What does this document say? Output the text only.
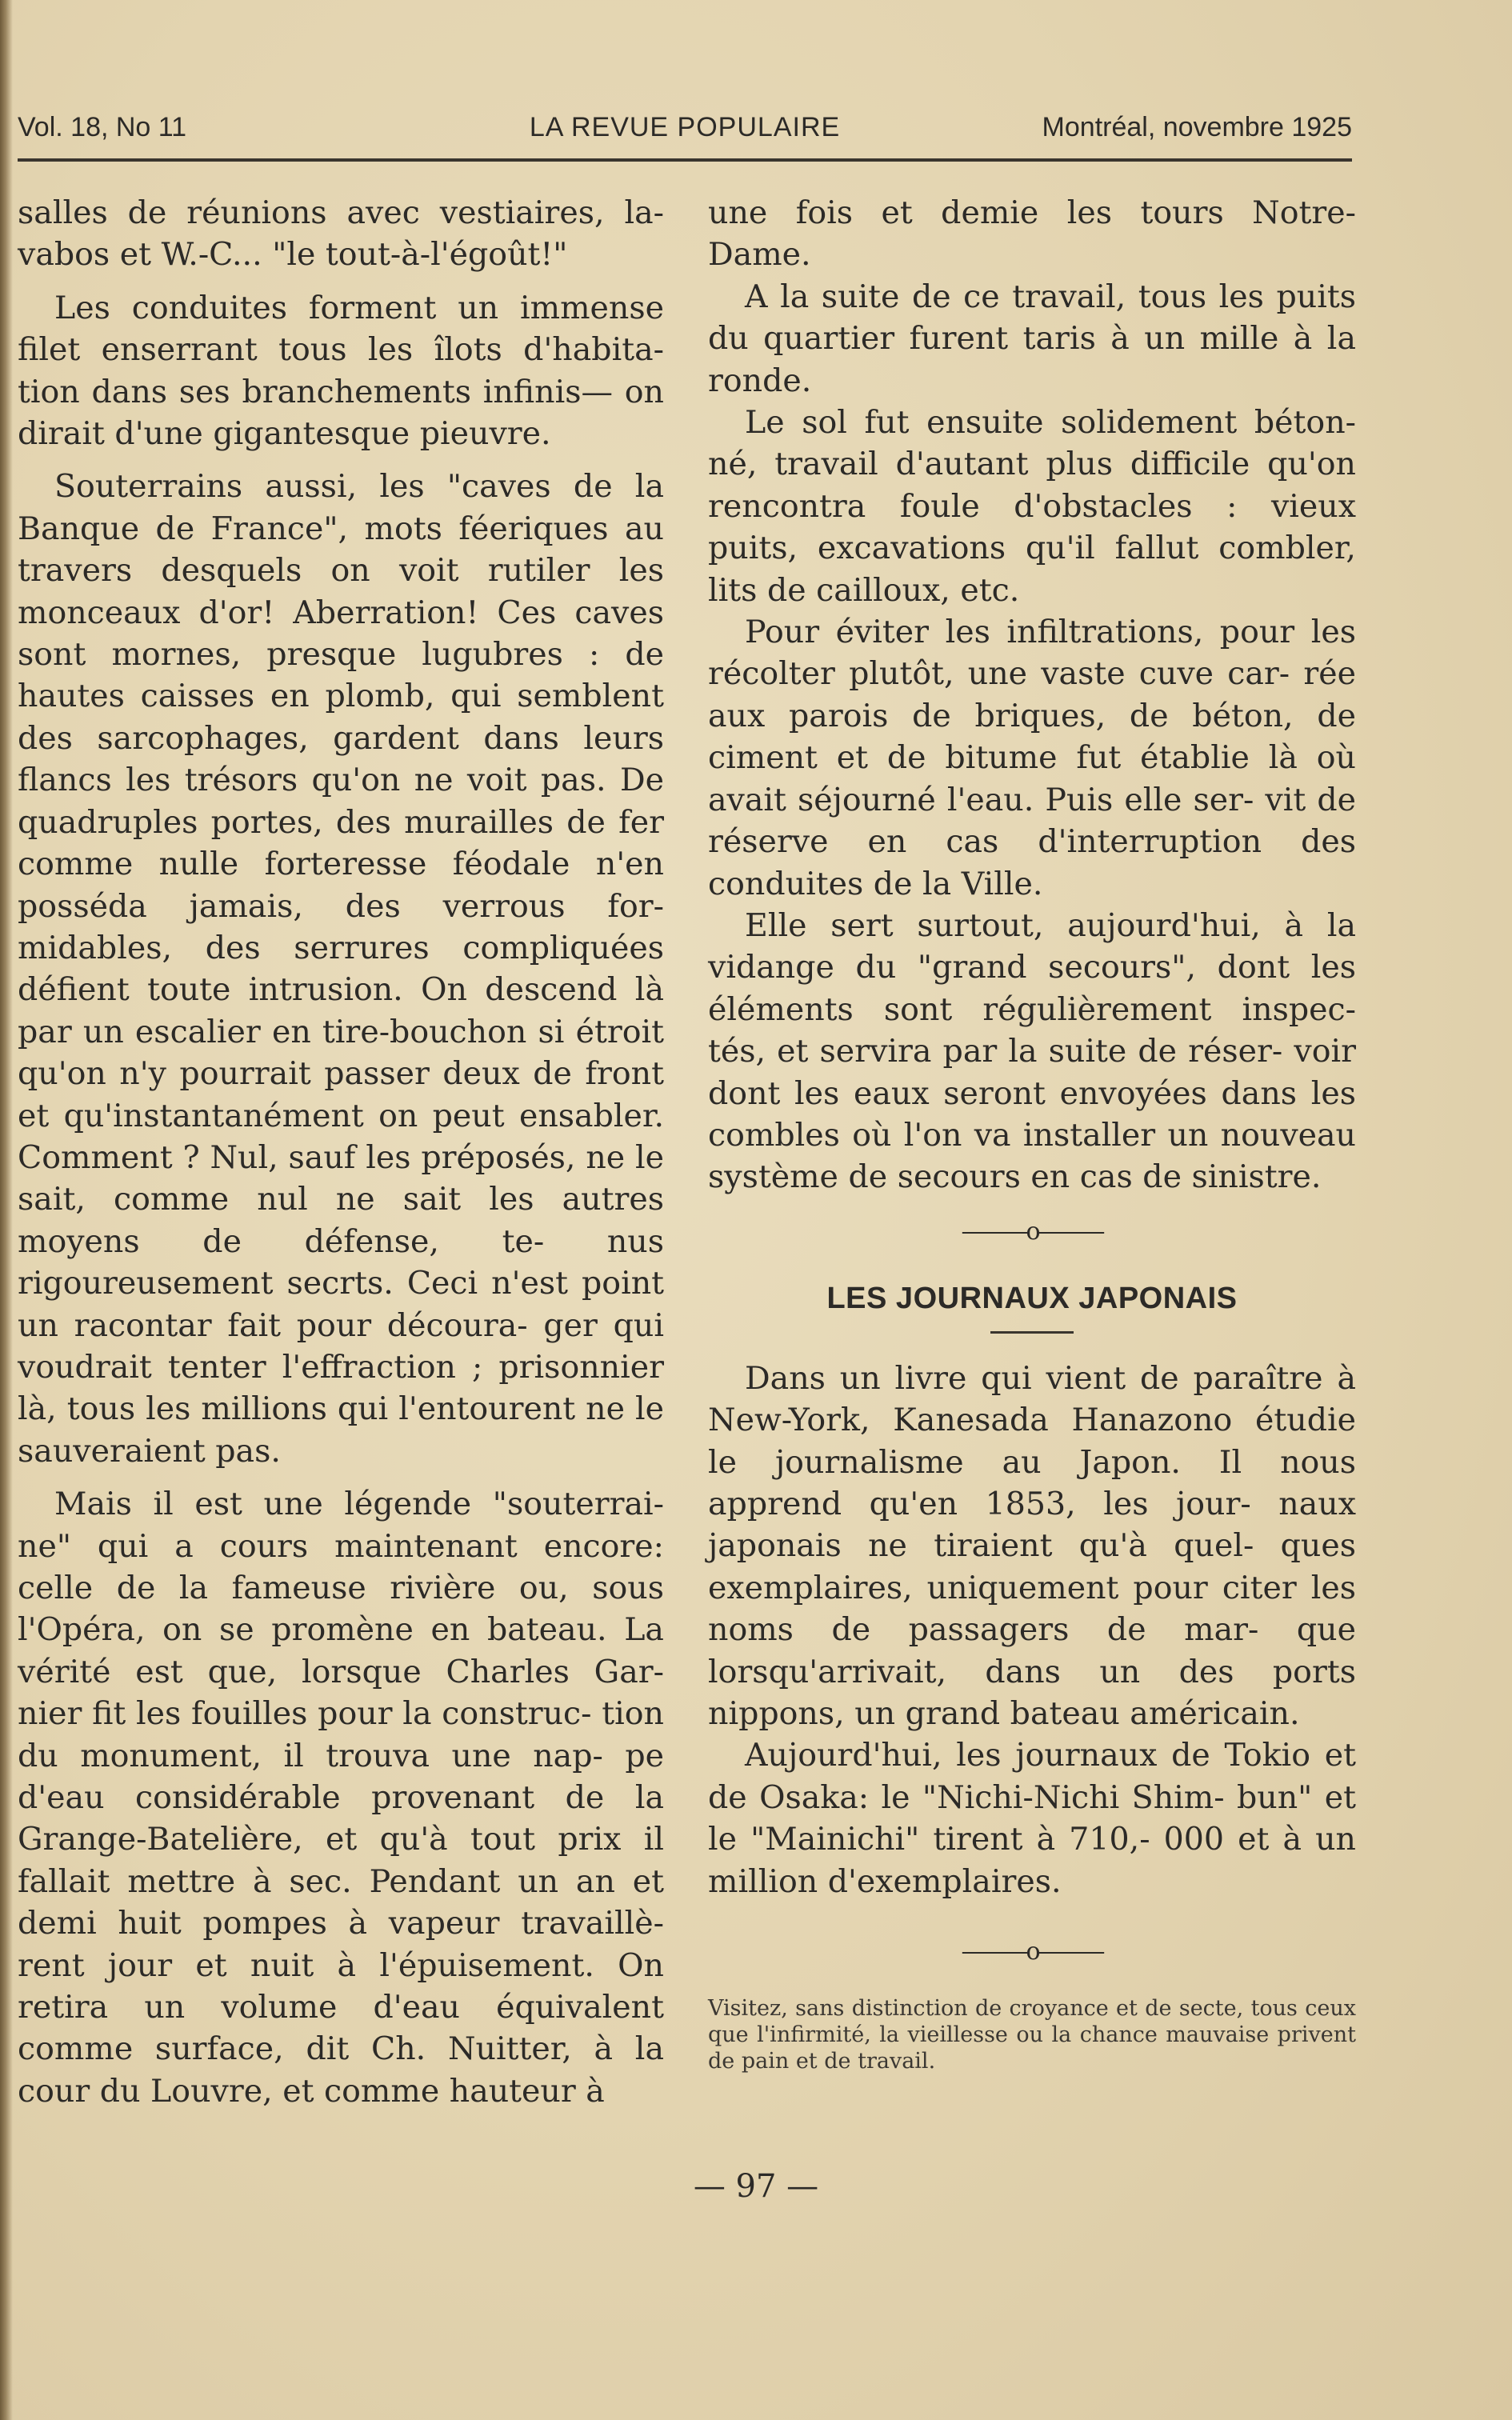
Vol. 18, No 11	LA REVUE POPULAIRE	Montréal, novembre 1925

salles de réunions avec vestiaires, la- vabos et W.-C... "le tout-à-l'égoût!"

Les conduites forment un immense filet enserrant tous les îlots d'habita- tion dans ses branchements infinis— on dirait d'une gigantesque pieuvre.

Souterrains aussi, les "caves de la Banque de France", mots féeriques au travers desquels on voit rutiler les monceaux d'or! Aberration! Ces caves sont mornes, presque lugubres : de hautes caisses en plomb, qui semblent des sarcophages, gardent dans leurs flancs les trésors qu'on ne voit pas. De quadruples portes, des murailles de fer comme nulle forteresse féodale n'en posséda jamais, des verrous for- midables, des serrures compliquées défient toute intrusion. On descend là par un escalier en tire-bouchon si étroit qu'on n'y pourrait passer deux de front et qu'instantanément on peut ensabler. Comment ? Nul, sauf les préposés, ne le sait, comme nul ne sait les autres moyens de défense, te- nus rigoureusement secrts. Ceci n'est point un racontar fait pour découra- ger qui voudrait tenter l'effraction ; prisonnier là, tous les millions qui l'entourent ne le sauveraient pas.

Mais il est une légende "souterrai- ne" qui a cours maintenant encore: celle de la fameuse rivière ou, sous l'Opéra, on se promène en bateau. La vérité est que, lorsque Charles Gar- nier fit les fouilles pour la construc- tion du monument, il trouva une nap- pe d'eau considérable provenant de la Grange-Batelière, et qu'à tout prix il fallait mettre à sec. Pendant un an et demi huit pompes à vapeur travaillè- rent jour et nuit à l'épuisement. On retira un volume d'eau équivalent comme surface, dit Ch. Nuitter, à la cour du Louvre, et comme hauteur à

une fois et demie les tours Notre- Dame.

A la suite de ce travail, tous les puits du quartier furent taris à un mille à la ronde.

Le sol fut ensuite solidement béton- né, travail d'autant plus difficile qu'on rencontra foule d'obstacles : vieux puits, excavations qu'il fallut combler, lits de cailloux, etc.

Pour éviter les infiltrations, pour les récolter plutôt, une vaste cuve car- rée aux parois de briques, de béton, de ciment et de bitume fut établie là où avait séjourné l'eau. Puis elle ser- vit de réserve en cas d'interruption des conduites de la Ville.

Elle sert surtout, aujourd'hui, à la vidange du "grand secours", dont les éléments sont régulièrement inspec- tés, et servira par la suite de réser- voir dont les eaux seront envoyées dans les combles où l'on va installer un nouveau système de secours en cas de sinistre.

———o———
LES JOURNAUX JAPONAIS

Dans un livre qui vient de paraître à New-York, Kanesada Hanazono étudie le journalisme au Japon. Il nous apprend qu'en 1853, les jour- naux japonais ne tiraient qu'à quel- ques exemplaires, uniquement pour citer les noms de passagers de mar- que lorsqu'arrivait, dans un des ports nippons, un grand bateau américain.

Aujourd'hui, les journaux de Tokio et de Osaka: le "Nichi-Nichi Shim- bun" et le "Mainichi" tirent à 710,- 000 et à un million d'exemplaires.

———o———

Visitez, sans distinction de croyance et de secte, tous ceux que l'infirmité, la vieillesse ou la chance mauvaise privent de pain et de travail.

— 97 —
